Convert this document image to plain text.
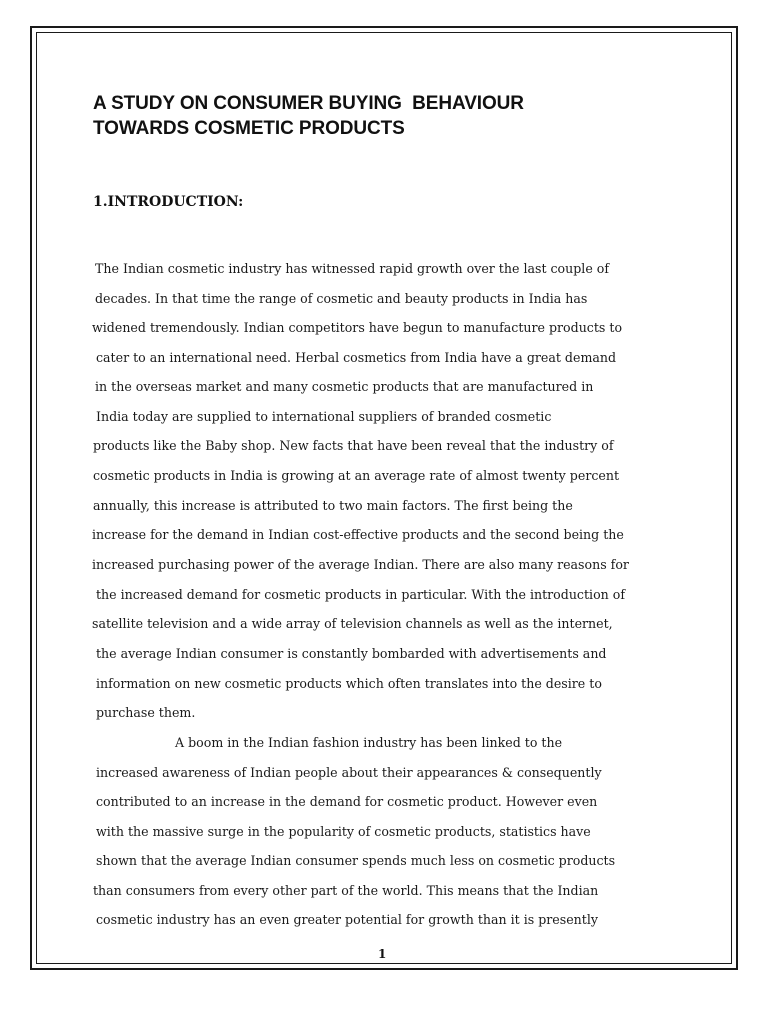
A STUDY ON CONSUMER BUYING  BEHAVIOUR
TOWARDS COSMETIC PRODUCTS
1.INTRODUCTION:
The Indian cosmetic industry has witnessed rapid growth over the last couple of
decades. In that time the range of cosmetic and beauty products in India has
widened tremendously. Indian competitors have begun to manufacture products to
cater to an international need. Herbal cosmetics from India have a great demand
in the overseas market and many cosmetic products that are manufactured in
India today are supplied to international suppliers of branded cosmetic
products like the Baby shop. New facts that have been reveal that the industry of
cosmetic products in India is growing at an average rate of almost twenty percent
annually, this increase is attributed to two main factors. The first being the
increase for the demand in Indian cost-effective products and the second being the
increased purchasing power of the average Indian. There are also many reasons for
the increased demand for cosmetic products in particular. With the introduction of
satellite television and a wide array of television channels as well as the internet,
the average Indian consumer is constantly bombarded with advertisements and
information on new cosmetic products which often translates into the desire to
purchase them.
A boom in the Indian fashion industry has been linked to the
increased awareness of Indian people about their appearances & consequently
contributed to an increase in the demand for cosmetic product. However even
with the massive surge in the popularity of cosmetic products, statistics have
shown that the average Indian consumer spends much less on cosmetic products
than consumers from every other part of the world. This means that the Indian
cosmetic industry has an even greater potential for growth than it is presently
1
